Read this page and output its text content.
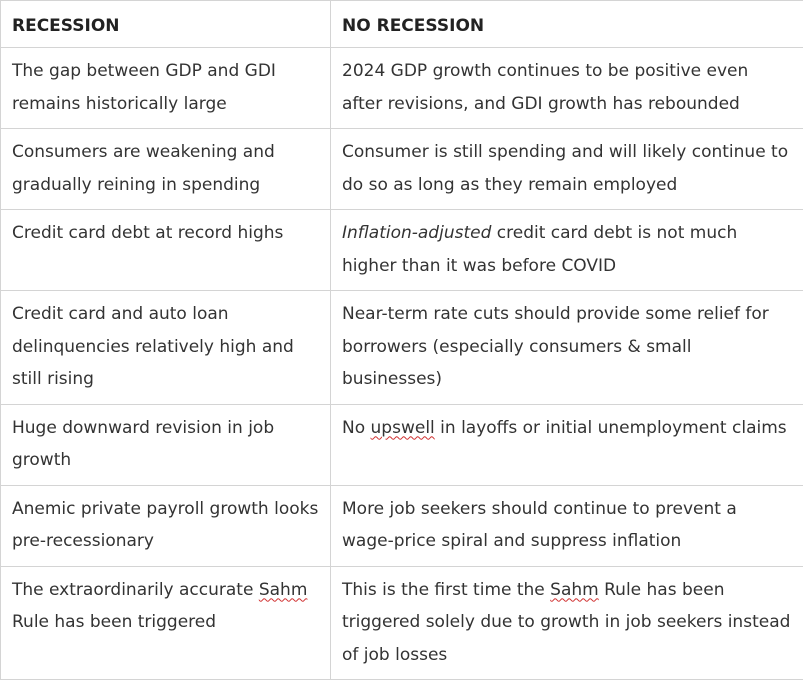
RECESSION	NO RECESSION
The gap between GDP and GDI remains historically large	2024 GDP growth continues to be positive even after revisions, and GDI growth has rebounded
Consumers are weakening and gradually reining in spending	Consumer is still spending and will likely continue to do so as long as they remain employed
Credit card debt at record highs	Inflation-adjusted credit card debt is not much higher than it was before COVID
Credit card and auto loan delinquencies relatively high and still rising	Near-term rate cuts should provide some relief for borrowers (especially consumers & small businesses)
Huge downward revision in job growth	No upswell in layoffs or initial unemployment claims
Anemic private payroll growth looks pre-recessionary	More job seekers should continue to prevent a wage-price spiral and suppress inflation
The extraordinarily accurate Sahm Rule has been triggered	This is the first time the Sahm Rule has been triggered solely due to growth in job seekers instead of job losses
